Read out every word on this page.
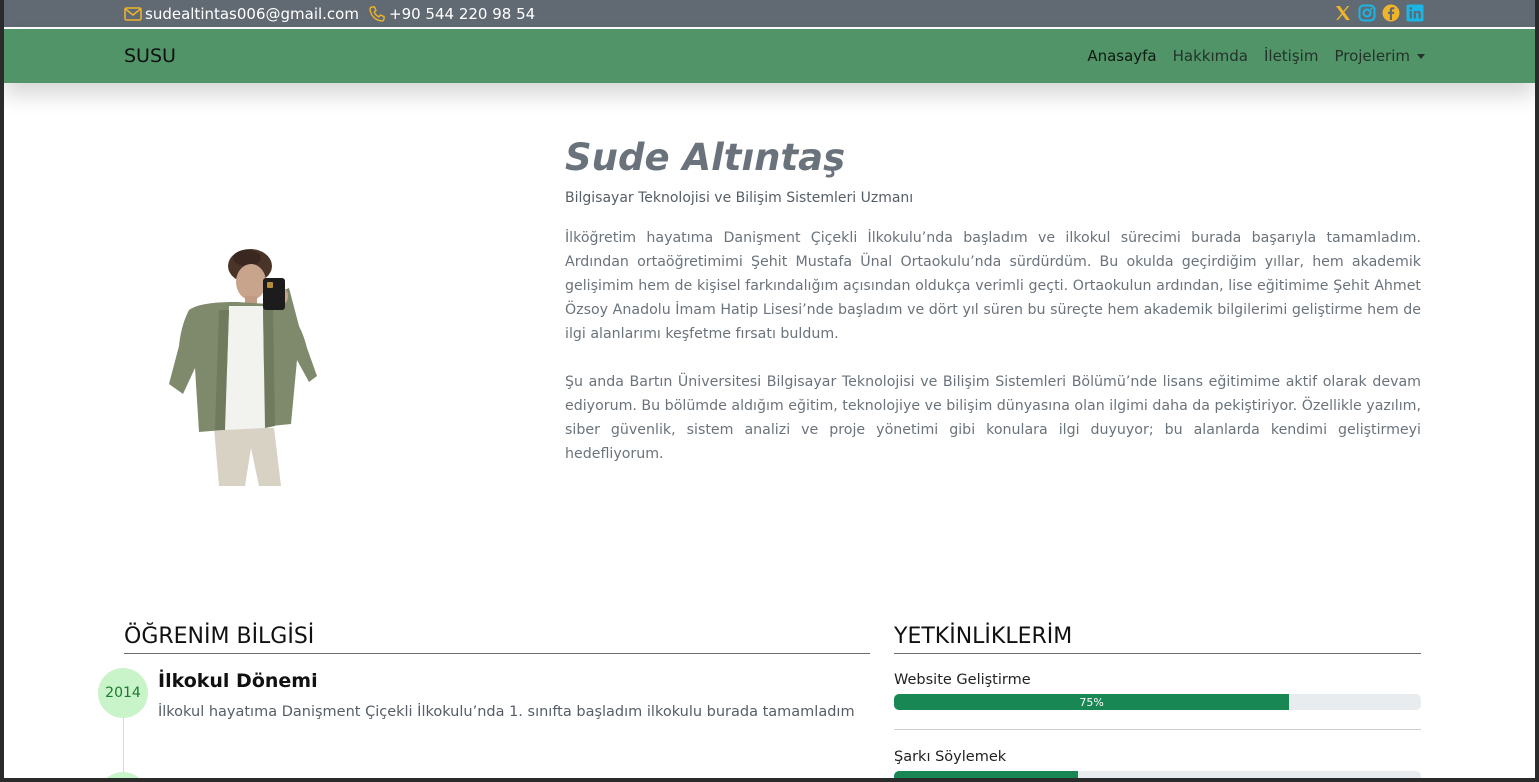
sudealtintas006@gmail.com +90 544 220 98 54
SUSU	Anasayfa Hakkımda İletişim Projelerim
Sude Altıntaş
Bilgisayar Teknolojisi ve Bilişim Sistemleri Uzmanı

İlköğretim hayatıma Danişment Çiçekli İlkokulu’nda başladım ve ilkokul sürecimi burada başarıyla tamamladım. Ardından ortaöğretimimi Şehit Mustafa Ünal Ortaokulu’nda sürdürdüm. Bu okulda geçirdiğim yıllar, hem akademik gelişimim hem de kişisel farkındalığım açısından oldukça verimli geçti. Ortaokulun ardından, lise eğitimime Şehit Ahmet Özsoy Anadolu İmam Hatip Lisesi’nde başladım ve dört yıl süren bu süreçte hem akademik bilgilerimi geliştirme hem de ilgi alanlarımı keşfetme fırsatı buldum.

Şu anda Bartın Üniversitesi Bilgisayar Teknolojisi ve Bilişim Sistemleri Bölümü’nde lisans eğitimime aktif olarak devam ediyorum. Bu bölümde aldığım eğitim, teknolojiye ve bilişim dünyasına olan ilgimi daha da pekiştiriyor. Özellikle yazılım, siber güvenlik, sistem analizi ve proje yönetimi gibi konulara ilgi duyuyor; bu alanlarda kendimi geliştirmeyi hedefliyorum.

ÖĞRENİM BİLGİSİ
2014
İlkokul Dönemi
İlkokul hayatıma Danişment Çiçekli İlkokulu’nda 1. sınıfta başladım ilkokulu burada tamamladım
YETKİNLİKLERİM
Website Geliştirme
75%
Şarkı Söylemek
